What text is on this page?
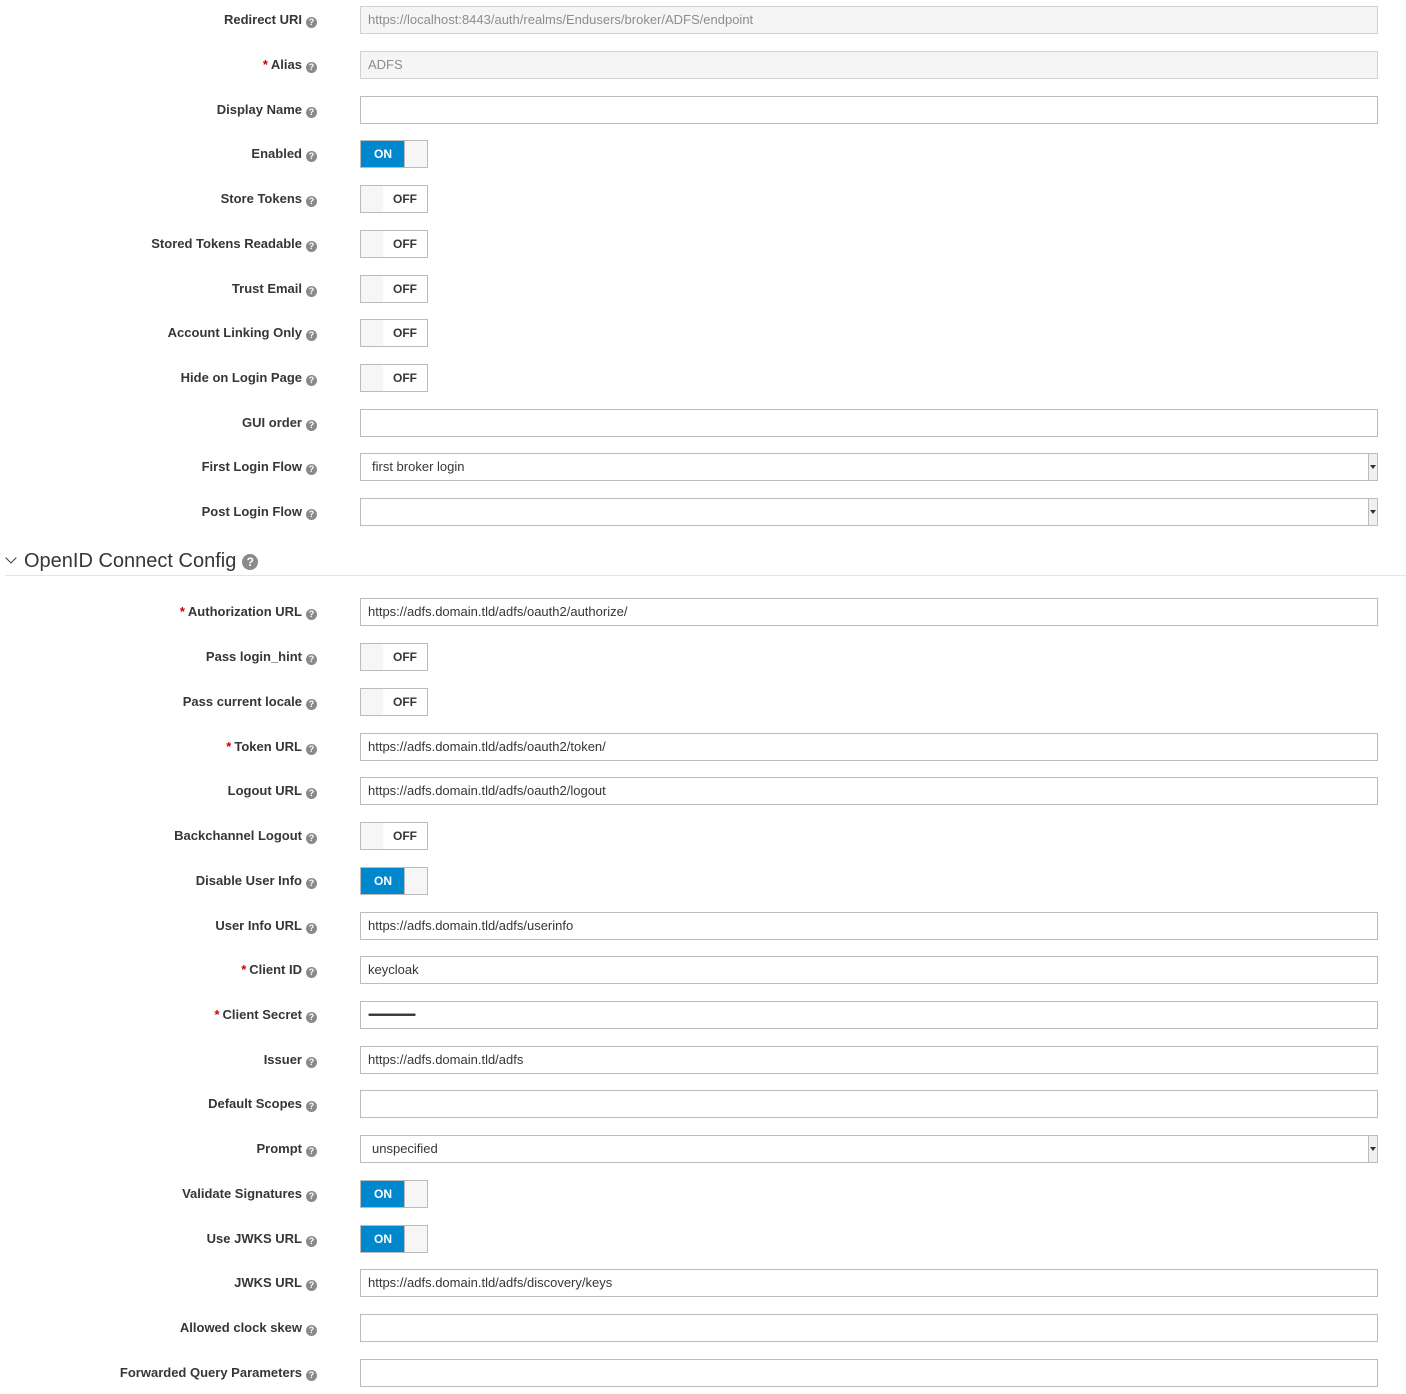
Redirect URI ?	https://localhost:8443/auth/realms/Endusers/broker/ADFS/endpoint
* Alias ?	ADFS
Display Name ?
Enabled ?	ON
Store Tokens ?	OFF
Stored Tokens Readable ?	OFF
Trust Email ?	OFF
Account Linking Only ?	OFF
Hide on Login Page ?	OFF
GUI order ?
First Login Flow ?	first broker login
Post Login Flow ?
OpenID Connect Config ?
* Authorization URL ?	https://adfs.domain.tld/adfs/oauth2/authorize/
Pass login_hint ?	OFF
Pass current locale ?	OFF
* Token URL ?	https://adfs.domain.tld/adfs/oauth2/token/
Logout URL ?	https://adfs.domain.tld/adfs/oauth2/logout
Backchannel Logout ?	OFF
Disable User Info ?	ON
User Info URL ?	https://adfs.domain.tld/adfs/userinfo
* Client ID ?	keycloak
* Client Secret ?	••••••••••••••••••••••••••••••••••••••••
Issuer ?	https://adfs.domain.tld/adfs
Default Scopes ?
Prompt ?	unspecified
Validate Signatures ?	ON
Use JWKS URL ?	ON
JWKS URL ?	https://adfs.domain.tld/adfs/discovery/keys
Allowed clock skew ?
Forwarded Query Parameters ?
